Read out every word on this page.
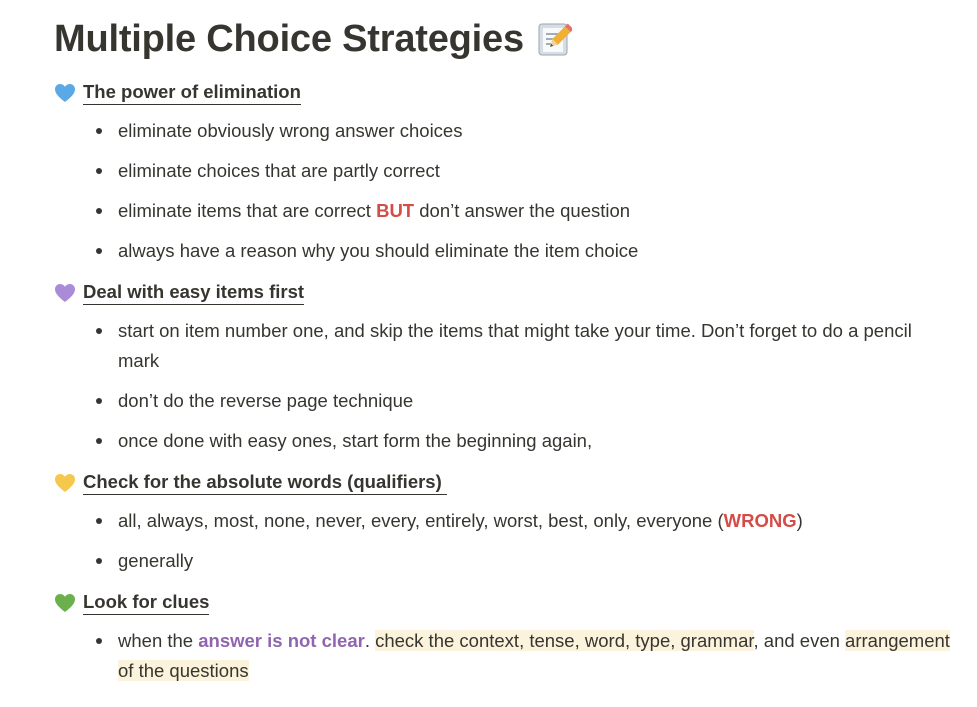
Multiple Choice Strategies
The power of elimination
eliminate obviously wrong answer choices
eliminate choices that are partly correct
eliminate items that are correct BUT don’t answer the question
always have a reason why you should eliminate the item choice
Deal with easy items first
start on item number one, and skip the items that might take your time. Don’t forget to do a pencil mark
don’t do the reverse page technique
once done with easy ones, start form the beginning again,
Check for the absolute words (qualifiers)
all, always, most, none, never, every, entirely, worst, best, only, everyone (WRONG)
generally
Look for clues
when the answer is not clear. check the context, tense, word, type, grammar, and even arrangement of the questions
